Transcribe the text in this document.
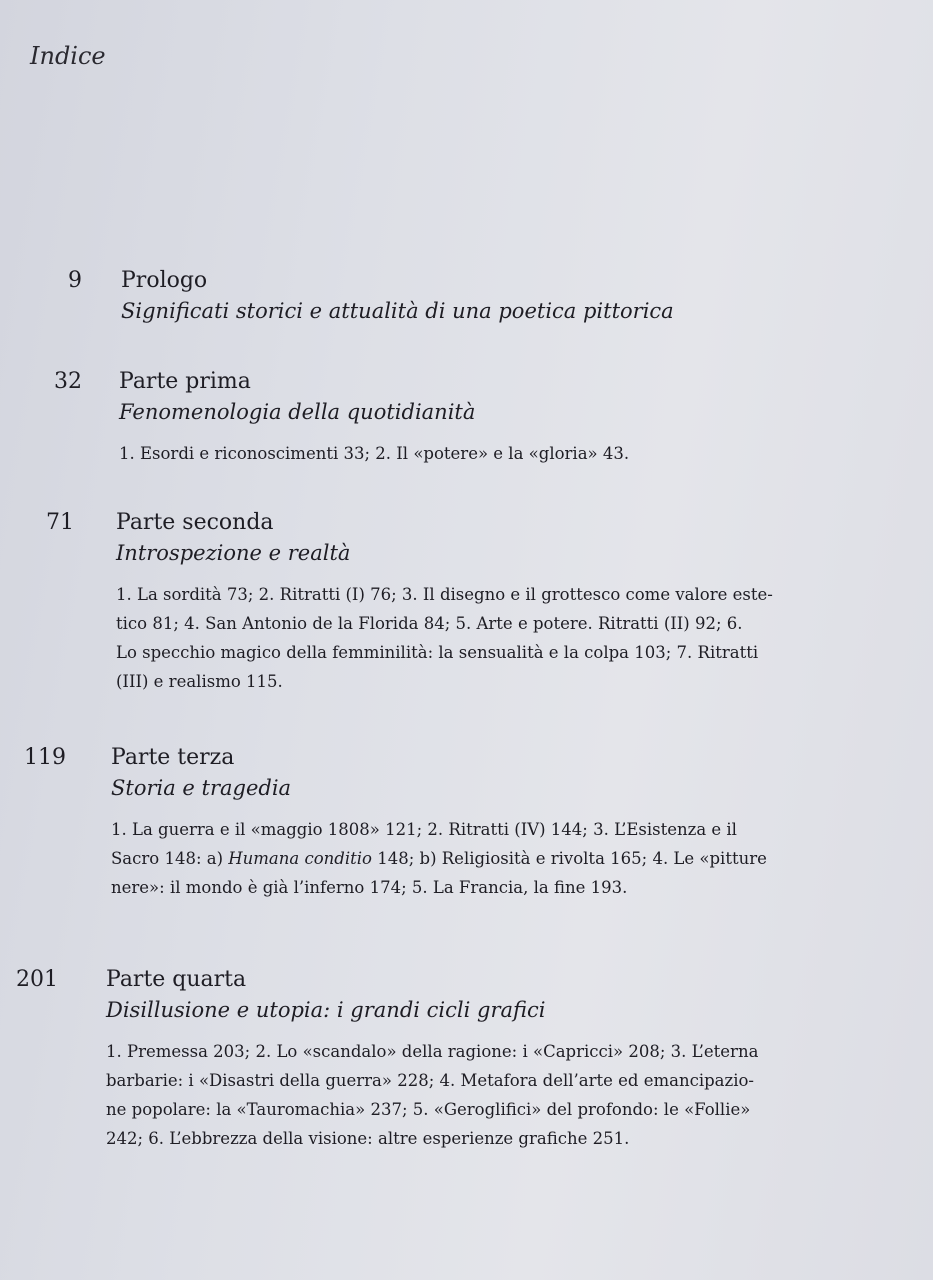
Indice
9 Prologo
Significati storici e attualità di una poetica pittorica
32 Parte prima
Fenomenologia della quotidianità
1. Esordi e riconoscimenti 33; 2. Il «potere» e la «gloria» 43.
71 Parte seconda
Introspezione e realtà
1. La sordità 73; 2. Ritratti (I) 76; 3. Il disegno e il grottesco come valore este-
tico 81; 4. San Antonio de la Florida 84; 5. Arte e potere. Ritratti (II) 92; 6.
Lo specchio magico della femminilità: la sensualità e la colpa 103; 7. Ritratti
(III) e realismo 115.
119 Parte terza
Storia e tragedia
1. La guerra e il «maggio 1808» 121; 2. Ritratti (IV) 144; 3. L’Esistenza e il
Sacro 148: a) Humana conditio 148; b) Religiosità e rivolta 165; 4. Le «pitture
nere»: il mondo è già l’inferno 174; 5. La Francia, la fine 193.
201 Parte quarta
Disillusione e utopia: i grandi cicli grafici
1. Premessa 203; 2. Lo «scandalo» della ragione: i «Capricci» 208; 3. L’eterna
barbarie: i «Disastri della guerra» 228; 4. Metafora dell’arte ed emancipazio-
ne popolare: la «Tauromachia» 237; 5. «Geroglifici» del profondo: le «Follie»
242; 6. L’ebbrezza della visione: altre esperienze grafiche 251.
